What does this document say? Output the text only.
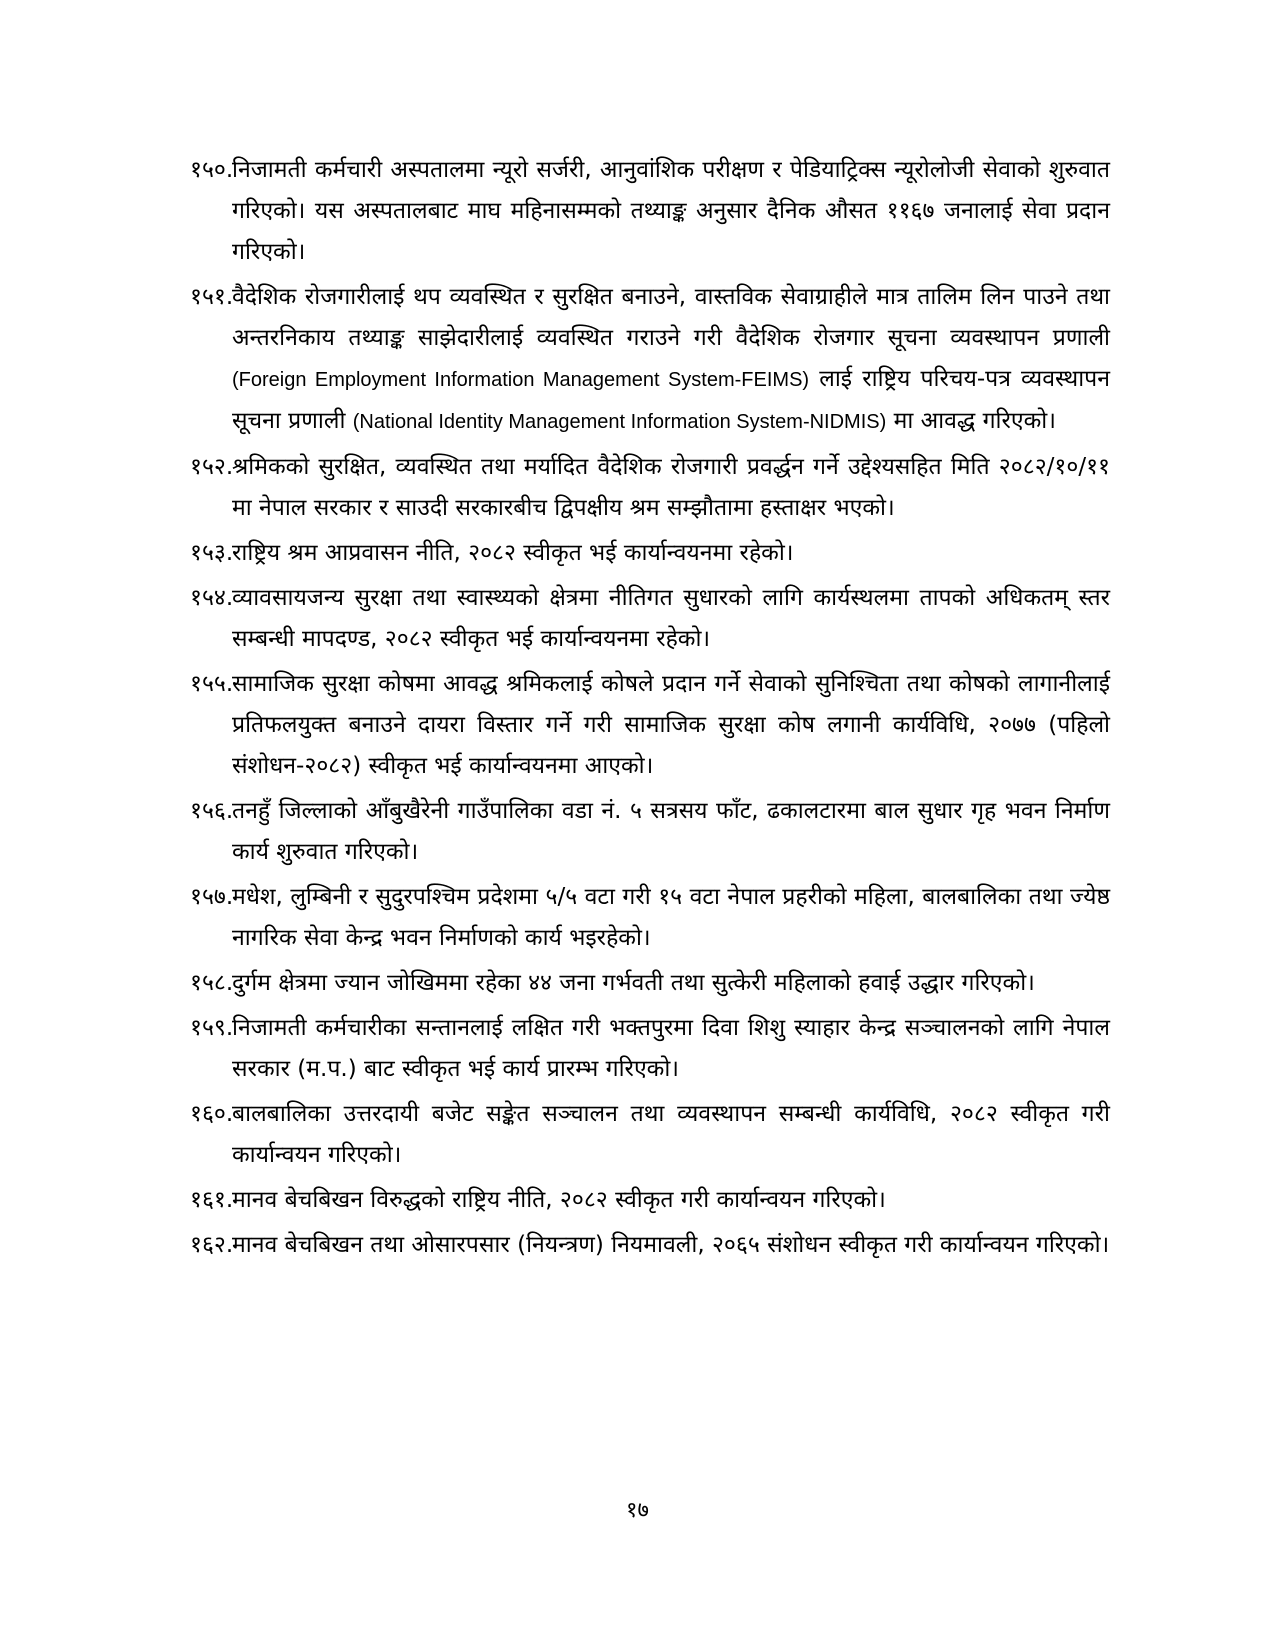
१५०.
निजामती कर्मचारी अस्पतालमा न्यूरो सर्जरी, आनुवांशिक परीक्षण र पेडियाट्रिक्स न्यूरोलोजी सेवाको शुरुवात गरिएको। यस अस्पतालबाट माघ महिनासम्मको तथ्याङ्क अनुसार दैनिक औसत ११६७ जनालाई सेवा प्रदान गरिएको।
१५१.
वैदेशिक रोजगारीलाई थप व्यवस्थित र सुरक्षित बनाउने, वास्तविक सेवाग्राहीले मात्र तालिम लिन पाउने तथा अन्तरनिकाय तथ्याङ्क साझेदारीलाई व्यवस्थित गराउने गरी वैदेशिक रोजगार सूचना व्यवस्थापन प्रणाली (Foreign Employment Information Management System-FEIMS) लाई राष्ट्रिय परिचय-पत्र व्यवस्थापन सूचना प्रणाली (National Identity Management Information System-NIDMIS) मा आवद्ध गरिएको।
१५२.
श्रमिकको सुरक्षित, व्यवस्थित तथा मर्यादित वैदेशिक रोजगारी प्रवर्द्धन गर्ने उद्देश्यसहित मिति २०८२/१०/११ मा नेपाल सरकार र साउदी सरकारबीच द्विपक्षीय श्रम सम्झौतामा हस्ताक्षर भएको।
१५३.
राष्ट्रिय श्रम आप्रवासन नीति, २०८२ स्वीकृत भई कार्यान्वयनमा रहेको।
१५४.
व्यावसायजन्य सुरक्षा तथा स्वास्थ्यको क्षेत्रमा नीतिगत सुधारको लागि कार्यस्थलमा तापको अधिकतम् स्तर सम्बन्धी मापदण्ड, २०८२ स्वीकृत भई कार्यान्वयनमा रहेको।
१५५.
सामाजिक सुरक्षा कोषमा आवद्ध श्रमिकलाई कोषले प्रदान गर्ने सेवाको सुनिश्चिता तथा कोषको लागानीलाई प्रतिफलयुक्त बनाउने दायरा विस्तार गर्ने गरी सामाजिक सुरक्षा कोष लगानी कार्यविधि, २०७७ (पहिलो संशोधन-२०८२) स्वीकृत भई कार्यान्वयनमा आएको।
१५६.
तनहुँ जिल्लाको आँबुखैरेनी गाउँपालिका वडा नं. ५ सत्रसय फाँट, ढकालटारमा बाल सुधार गृह भवन निर्माण कार्य शुरुवात गरिएको।
१५७.
मधेश, लुम्बिनी र सुदुरपश्चिम प्रदेशमा ५/५ वटा गरी १५ वटा नेपाल प्रहरीको महिला, बालबालिका तथा ज्येष्ठ नागरिक सेवा केन्द्र भवन निर्माणको कार्य भइरहेको।
१५८.
दुर्गम क्षेत्रमा ज्यान जोखिममा रहेका ४४ जना गर्भवती तथा सुत्केरी महिलाको हवाई उद्धार गरिएको।
१५९.
निजामती कर्मचारीका सन्तानलाई लक्षित गरी भक्तपुरमा दिवा शिशु स्याहार केन्द्र सञ्चालनको लागि नेपाल सरकार (म.प.) बाट स्वीकृत भई कार्य प्रारम्भ गरिएको।
१६०.
बालबालिका उत्तरदायी बजेट सङ्केत सञ्चालन तथा व्यवस्थापन सम्बन्धी कार्यविधि, २०८२ स्वीकृत गरी कार्यान्वयन गरिएको।
१६१.
मानव बेचबिखन विरुद्धको राष्ट्रिय नीति, २०८२ स्वीकृत गरी कार्यान्वयन गरिएको।
१६२.
मानव बेचबिखन तथा ओसारपसार (नियन्त्रण) नियमावली, २०६५ संशोधन स्वीकृत गरी कार्यान्वयन गरिएको।
१७
